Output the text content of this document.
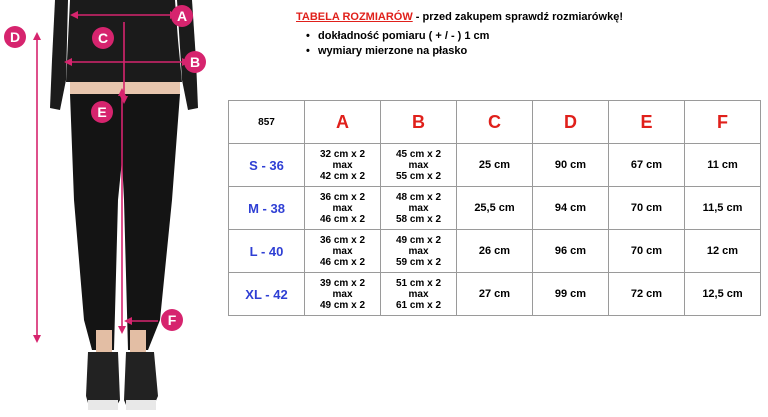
A
B
C
D
E
F
TABELA ROZMIARÓW - przed zakupem sprawdź rozmiarówkę!
• dokładność pomiaru ( + / - ) 1 cm
• wymiary mierzone na płasko
857	A	B	C	D	E	F
S - 36	32 cm x 2
max
42 cm x 2	45 cm x 2
max
55 cm x 2	25 cm	90 cm	67 cm	11 cm
M - 38	36 cm x 2
max
46 cm x 2	48 cm x 2
max
58 cm x 2	25,5 cm	94 cm	70 cm	11,5 cm
L - 40	36 cm x 2
max
46 cm x 2	49 cm x 2
max
59 cm x 2	26 cm	96 cm	70 cm	12 cm
XL - 42	39 cm x 2
max
49 cm x 2	51 cm x 2
max
61 cm x 2	27 cm	99 cm	72 cm	12,5 cm
